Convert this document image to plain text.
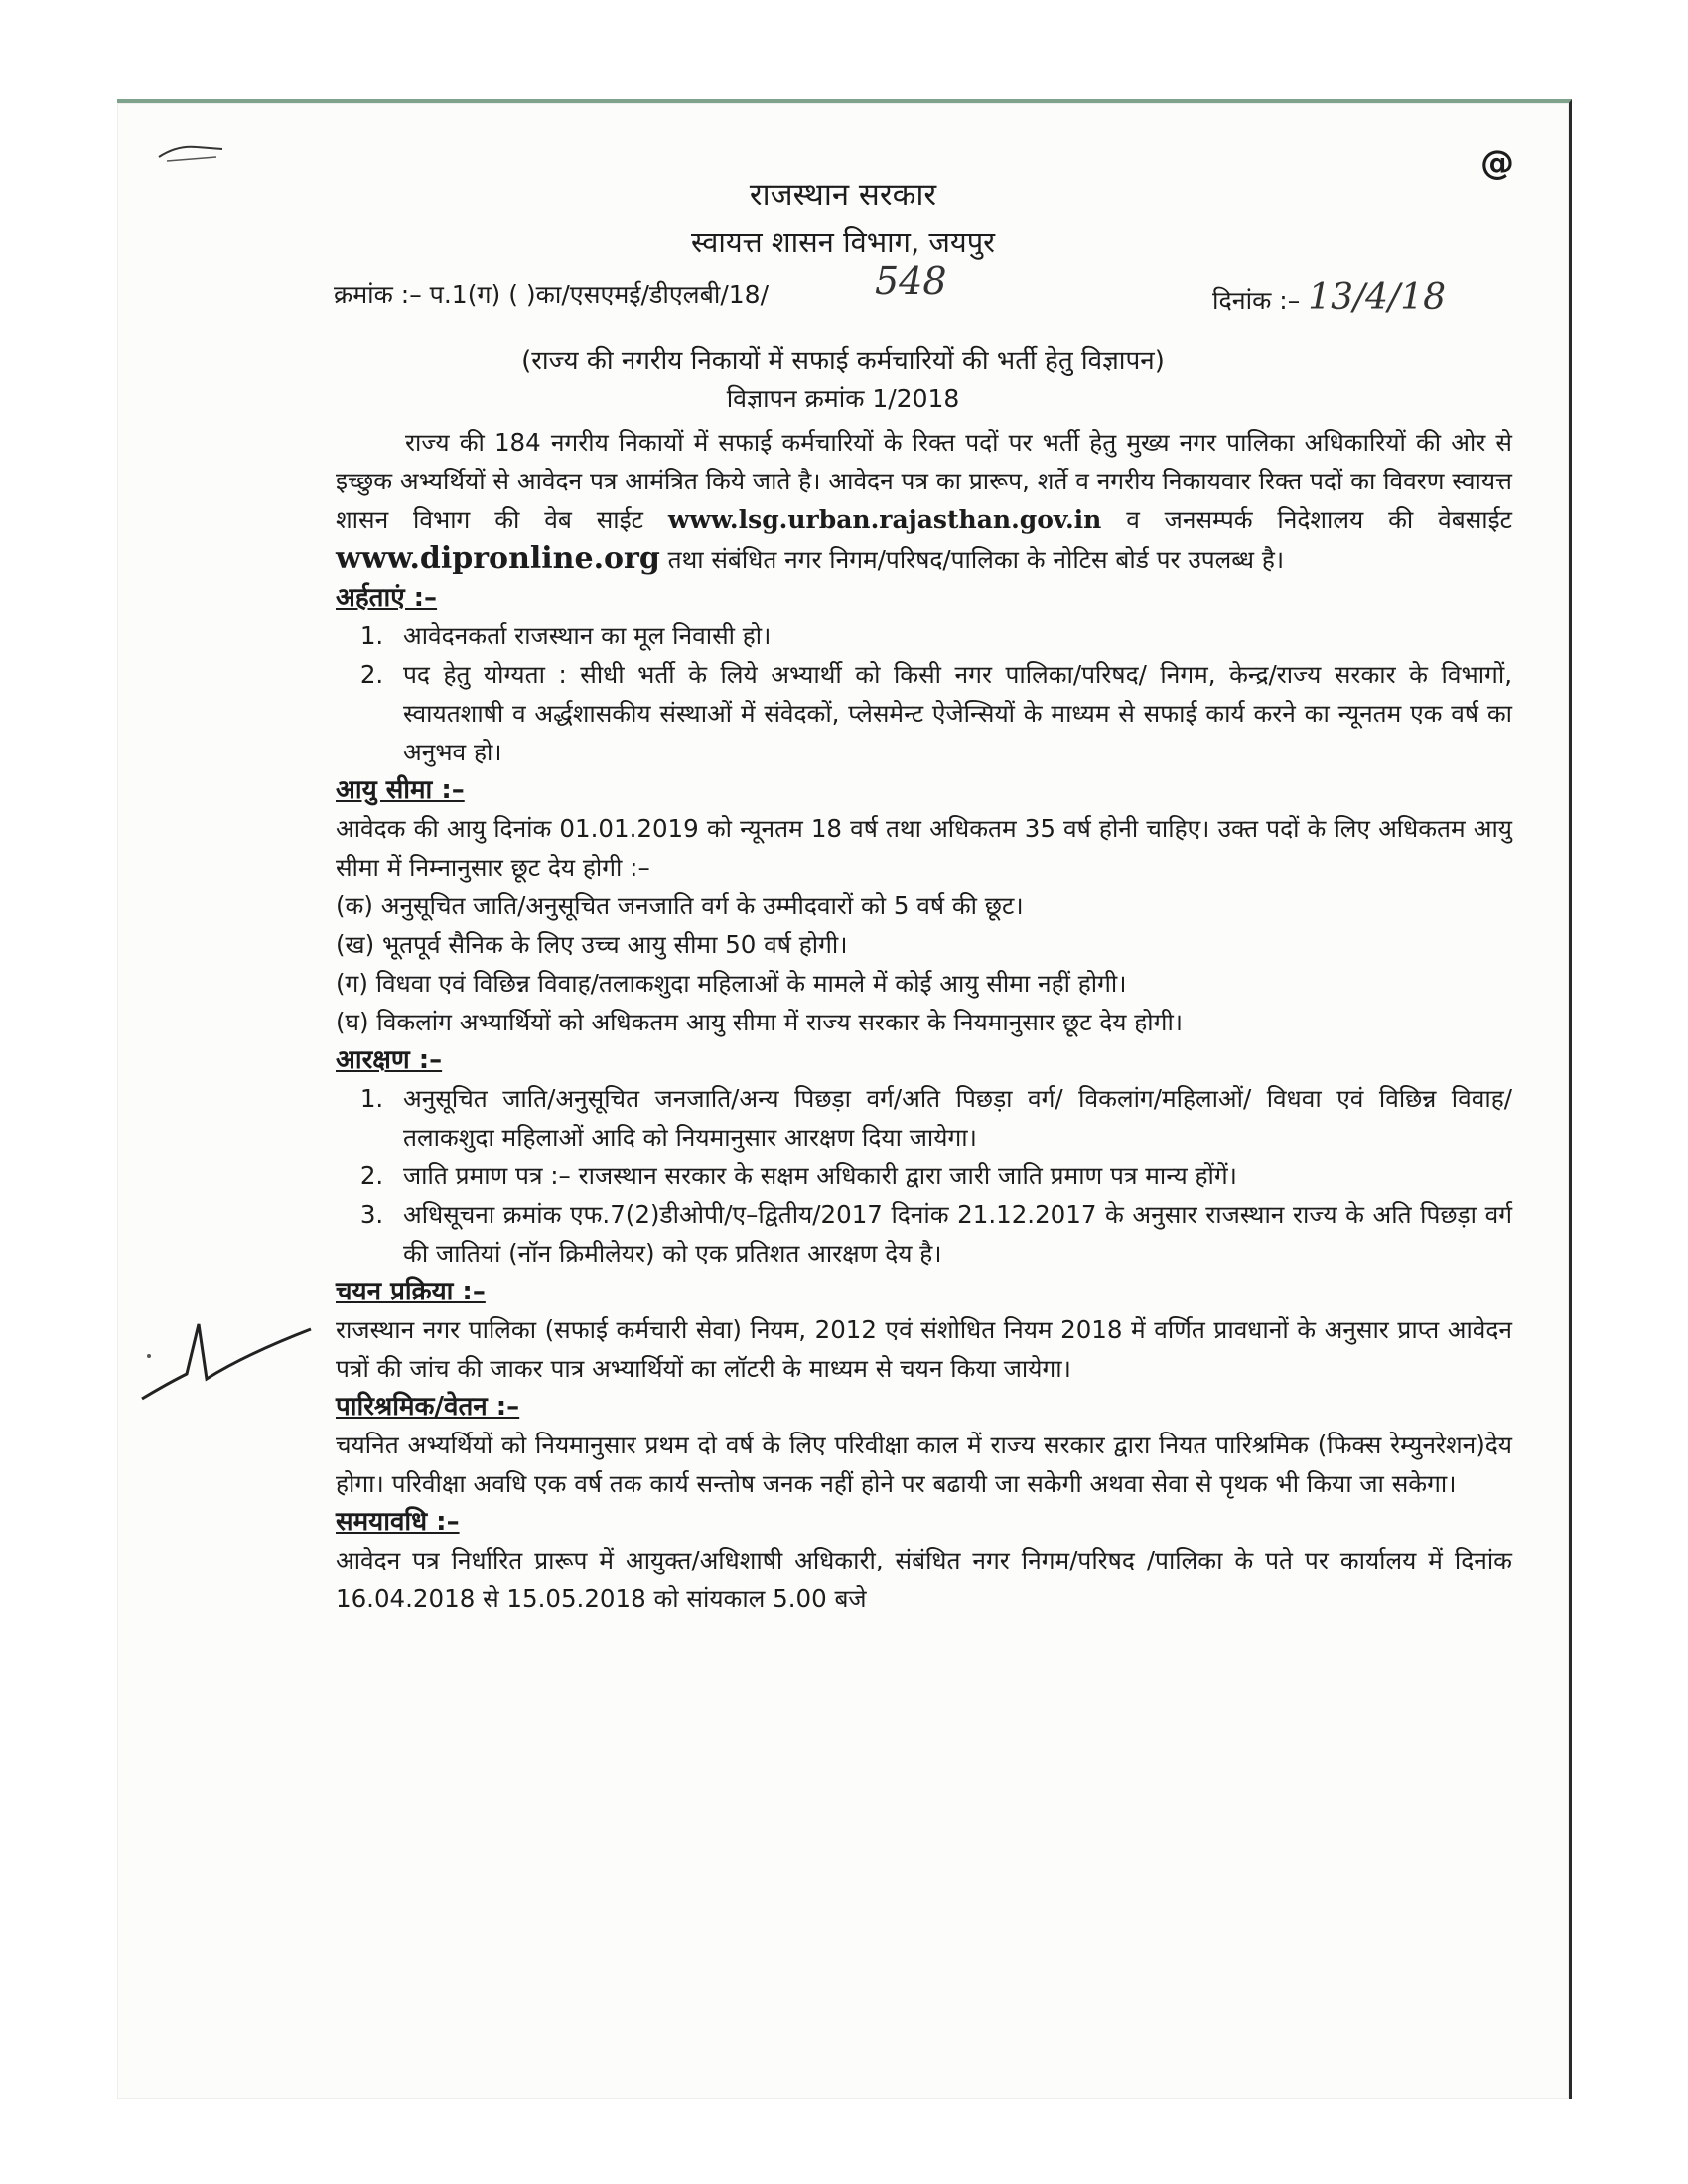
@
राजस्थान सरकार
स्वायत्त शासन विभाग, जयपुर
क्रमांक :– प.1(ग) ( )का/एसएमई/डीएलबी/18/	548	दिनांक :– 13/4/18
(राज्य की नगरीय निकायों में सफाई कर्मचारियों की भर्ती हेतु विज्ञापन)
विज्ञापन क्रमांक 1/2018

राज्य की 184 नगरीय निकायों में सफाई कर्मचारियों के रिक्त पदों पर भर्ती हेतु मुख्य नगर पालिका अधिकारियों की ओर से इच्छुक अभ्यर्थियों से आवेदन पत्र आमंत्रित किये जाते है। आवेदन पत्र का प्रारूप, शर्ते व नगरीय निकायवार रिक्त पदों का विवरण स्वायत्त शासन विभाग की वेब साईट www.lsg.urban.rajasthan.gov.in व जनसम्पर्क निदेशालय की वेबसाईट www.dipronline.org तथा संबंधित नगर निगम/परिषद/पालिका के नोटिस बोर्ड पर उपलब्ध है।

अर्हताएं :–
1. आवेदनकर्ता राजस्थान का मूल निवासी हो।
2. पद हेतु योग्यता : सीधी भर्ती के लिये अभ्यार्थी को किसी नगर पालिका/परिषद/ निगम, केन्द्र/राज्य सरकार के विभागों, स्वायतशाषी व अर्द्धशासकीय संस्थाओं में संवेदकों, प्लेसमेन्ट ऐजेन्सियों के माध्यम से सफाई कार्य करने का न्यूनतम एक वर्ष का अनुभव हो।
आयु सीमा :–

आवेदक की आयु दिनांक 01.01.2019 को न्यूनतम 18 वर्ष तथा अधिकतम 35 वर्ष होनी चाहिए। उक्त पदों के लिए अधिकतम आयु सीमा में निम्नानुसार छूट देय होगी :–

(क) अनुसूचित जाति/अनुसूचित जनजाति वर्ग के उम्मीदवारों को 5 वर्ष की छूट।

(ख) भूतपूर्व सैनिक के लिए उच्च आयु सीमा 50 वर्ष होगी।

(ग) विधवा एवं विछिन्न विवाह/तलाकशुदा महिलाओं के मामले में कोई आयु सीमा नहीं होगी।

(घ) विकलांग अभ्यार्थियों को अधिकतम आयु सीमा में राज्य सरकार के नियमानुसार छूट देय होगी।

आरक्षण :–
1. अनुसूचित जाति/अनुसूचित जनजाति/अन्य पिछड़ा वर्ग/अति पिछड़ा वर्ग/ विकलांग/महिलाओं/ विधवा एवं विछिन्न विवाह/तलाकशुदा महिलाओं आदि को नियमानुसार आरक्षण दिया जायेगा।
2. जाति प्रमाण पत्र :– राजस्थान सरकार के सक्षम अधिकारी द्वारा जारी जाति प्रमाण पत्र मान्य होंगें।
3. अधिसूचना क्रमांक एफ.7(2)डीओपी/ए–द्वितीय/2017 दिनांक 21.12.2017 के अनुसार राजस्थान राज्य के अति पिछड़ा वर्ग की जातियां (नॉन क्रिमीलेयर) को एक प्रतिशत आरक्षण देय है।
चयन प्रक्रिया :–

राजस्थान नगर पालिका (सफाई कर्मचारी सेवा) नियम, 2012 एवं संशोधित नियम 2018 में वर्णित प्रावधानों के अनुसार प्राप्त आवेदन पत्रों की जांच की जाकर पात्र अभ्यार्थियों का लॉटरी के माध्यम से चयन किया जायेगा।

पारिश्रमिक/वेतन :–

चयनित अभ्यर्थियों को नियमानुसार प्रथम दो वर्ष के लिए परिवीक्षा काल में राज्य सरकार द्वारा नियत पारिश्रमिक (फिक्स रेम्युनरेशन)देय होगा। परिवीक्षा अवधि एक वर्ष तक कार्य सन्तोष जनक नहीं होने पर बढायी जा सकेगी अथवा सेवा से पृथक भी किया जा सकेगा।

समयावधि :–

आवेदन पत्र निर्धारित प्रारूप में आयुक्त/अधिशाषी अधिकारी, संबंधित नगर निगम/परिषद /पालिका के पते पर कार्यालय में दिनांक 16.04.2018 से 15.05.2018 को सांयकाल 5.00 बजे
